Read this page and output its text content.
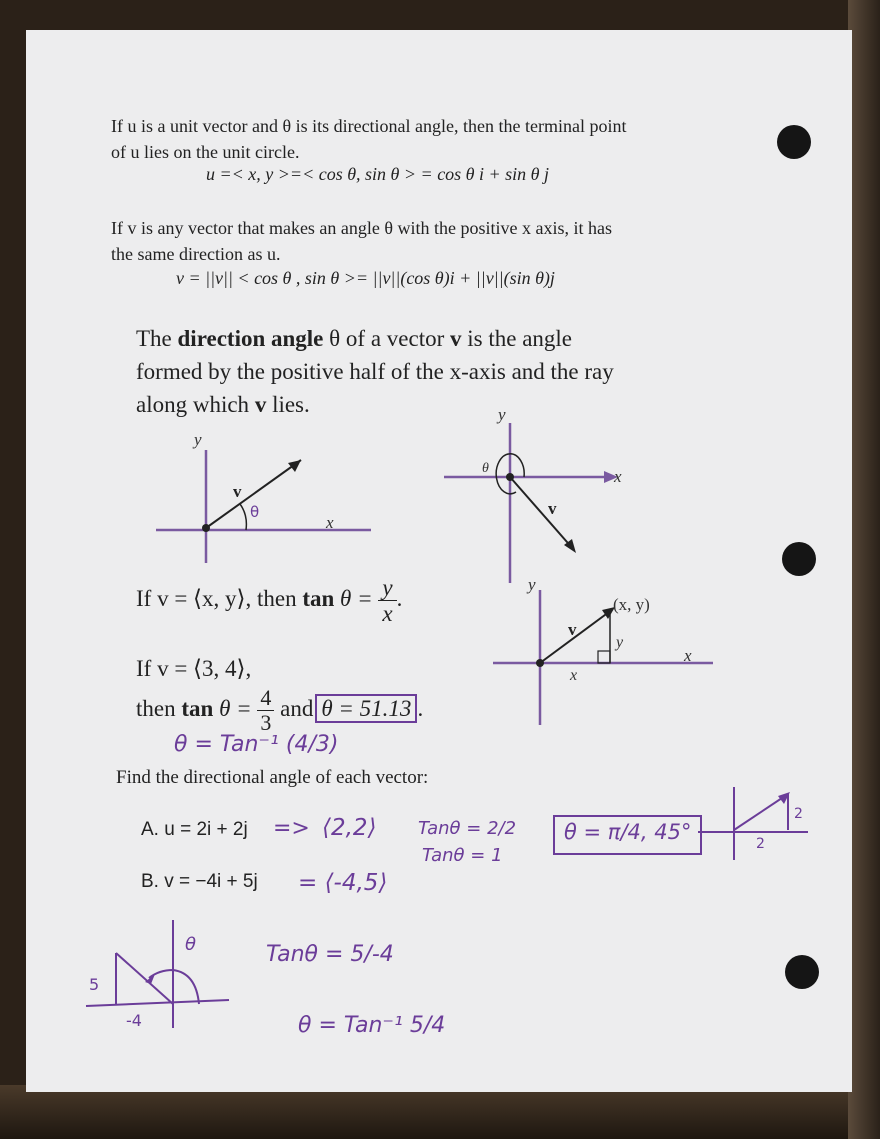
If u is a unit vector and θ is its directional angle, then the terminal point
of u lies on the unit circle.
u =< x, y >=< cos θ, sin θ > = cos θ i + sin θ j
If v is any vector that makes an angle θ with the positive x axis, it has
the same direction as u.
v = ||v|| < cos θ , sin θ >= ||v||(cos θ)i + ||v||(sin θ)j
The direction angle θ of a vector v is the angle
formed by the positive half of the x-axis and the ray
along which v lies.
y
x
v
θ
y
x
θ
v
If v = ⟨x, y⟩, then $\tan \theta = \frac{y}{x}$ .
y
x
v
(x, y)
y
x
If v = ⟨3, 4⟩,
then $\tan \theta = \frac{4}{3}$ and θ = 51.13 .
θ = Tan⁻¹ (4/3)
Find the directional angle of each vector:
A. u = 2i + 2j => ⟨2,2⟩ Tanθ = 2/2
Tanθ = 1
θ = π/4, 45°
2
2
B. v = −4i + 5j = ⟨-4,5⟩
5
-4
θ	Tanθ = 5/-4
θ = Tan⁻¹ 5/4
